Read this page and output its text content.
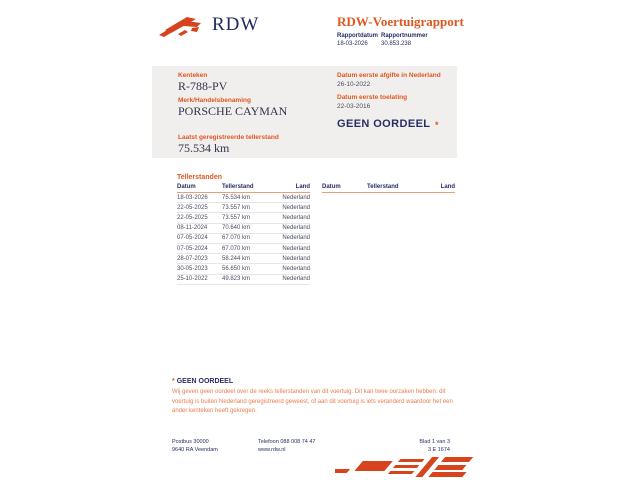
RDW	RDW-Voertuigrapport
Rapportdatum
18-03-2026
Rapportnummer
30.853.238
Kenteken
R-788-PV
Merk/Handelsbenaming
PORSCHE CAYMAN
Laatst geregistreerde tellerstand
75.534 km
Datum eerste afgifte in Nederland
26-10-2022
Datum eerste toelating
22-03-2016
GEEN OORDEEL *
Tellerstanden
Datum	Tellerstand	Land
18-03-2026	75.534 km	Nederland
22-05-2025	73.557 km	Nederland
22-05-2025	73.557 km	Nederland
08-11-2024	70.640 km	Nederland
07-05-2024	67.070 km	Nederland
07-05-2024	67.070 km	Nederland
28-07-2023	58.244 km	Nederland
30-05-2023	56.650 km	Nederland
25-10-2022	49.823 km	Nederland
Datum	Tellerstand	Land
* GEEN OORDEEL
Wij geven geen oordeel over de reeks tellerstanden van dit voertuig. Dit kan twee oorzaken hebben: dit voertuig is buiten Nederland geregistreerd geweest, of aan dit voertuig is iets veranderd waardoor het een ander kenteken heeft gekregen.
Postbus 30000
9640 RA Veendam
Telefoon 088 008 74 47
www.rdw.nl
Blad 1 van 3
3 E 1674
